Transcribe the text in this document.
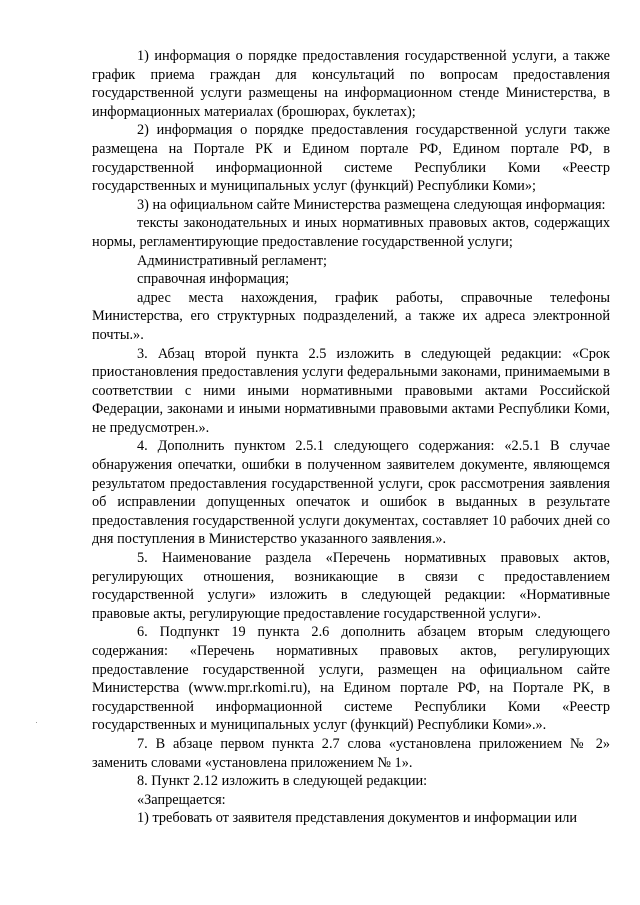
1) информация о порядке предоставления государственной услуги, а также график приема граждан для консультаций по вопросам предоставления государственной услуги размещены на информационном стенде Министерства, в информационных материалах (брошюрах, буклетах);

2) информация о порядке предоставления государственной услуги также размещена на Портале РК и Едином портале РФ, Едином портале РФ, в государственной информационной системе Республики Коми «Реестр государственных и муниципальных услуг (функций) Республики Коми»;

3) на официальном сайте Министерства размещена следующая информация:

тексты законодательных и иных нормативных правовых актов, содержащих нормы, регламентирующие предоставление государственной услуги;

Административный регламент;

справочная информация;

адрес места нахождения, график работы, справочные телефоны Министерства, его структурных подразделений, а также их адреса электронной почты.».

3. Абзац второй пункта 2.5 изложить в следующей редакции: «Срок приостановления предоставления услуги федеральными законами, принимаемыми в соответствии с ними иными нормативными правовыми актами Российской Федерации, законами и иными нормативными правовыми актами Республики Коми, не предусмотрен.».

4. Дополнить пунктом 2.5.1 следующего содержания: «2.5.1 В случае обнаружения опечатки, ошибки в полученном заявителем документе, являющемся результатом предоставления государственной услуги, срок рассмотрения заявления об исправлении допущенных опечаток и ошибок в выданных в результате предоставления государственной услуги документах, составляет 10 рабочих дней со дня поступления в Министерство указанного заявления.».

5. Наименование раздела «Перечень нормативных правовых актов, регулирующих отношения, возникающие в связи с предоставлением государственной услуги» изложить в следующей редакции: «Нормативные правовые акты, регулирующие предоставление государственной услуги».

6. Подпункт 19 пункта 2.6 дополнить абзацем вторым следующего содержания: «Перечень нормативных правовых актов, регулирующих предоставление государственной услуги, размещен на официальном сайте Министерства (www.mpr.rkomi.ru), на Едином портале РФ, на Портале РК, в государственной информационной системе Республики Коми «Реестр государственных и муниципальных услуг (функций) Республики Коми».».

7. В абзаце первом пункта 2.7 слова «установлена приложением № 2» заменить словами «установлена приложением № 1».

8. Пункт 2.12 изложить в следующей редакции:

«Запрещается:

1) требовать от заявителя представления документов и информации или
